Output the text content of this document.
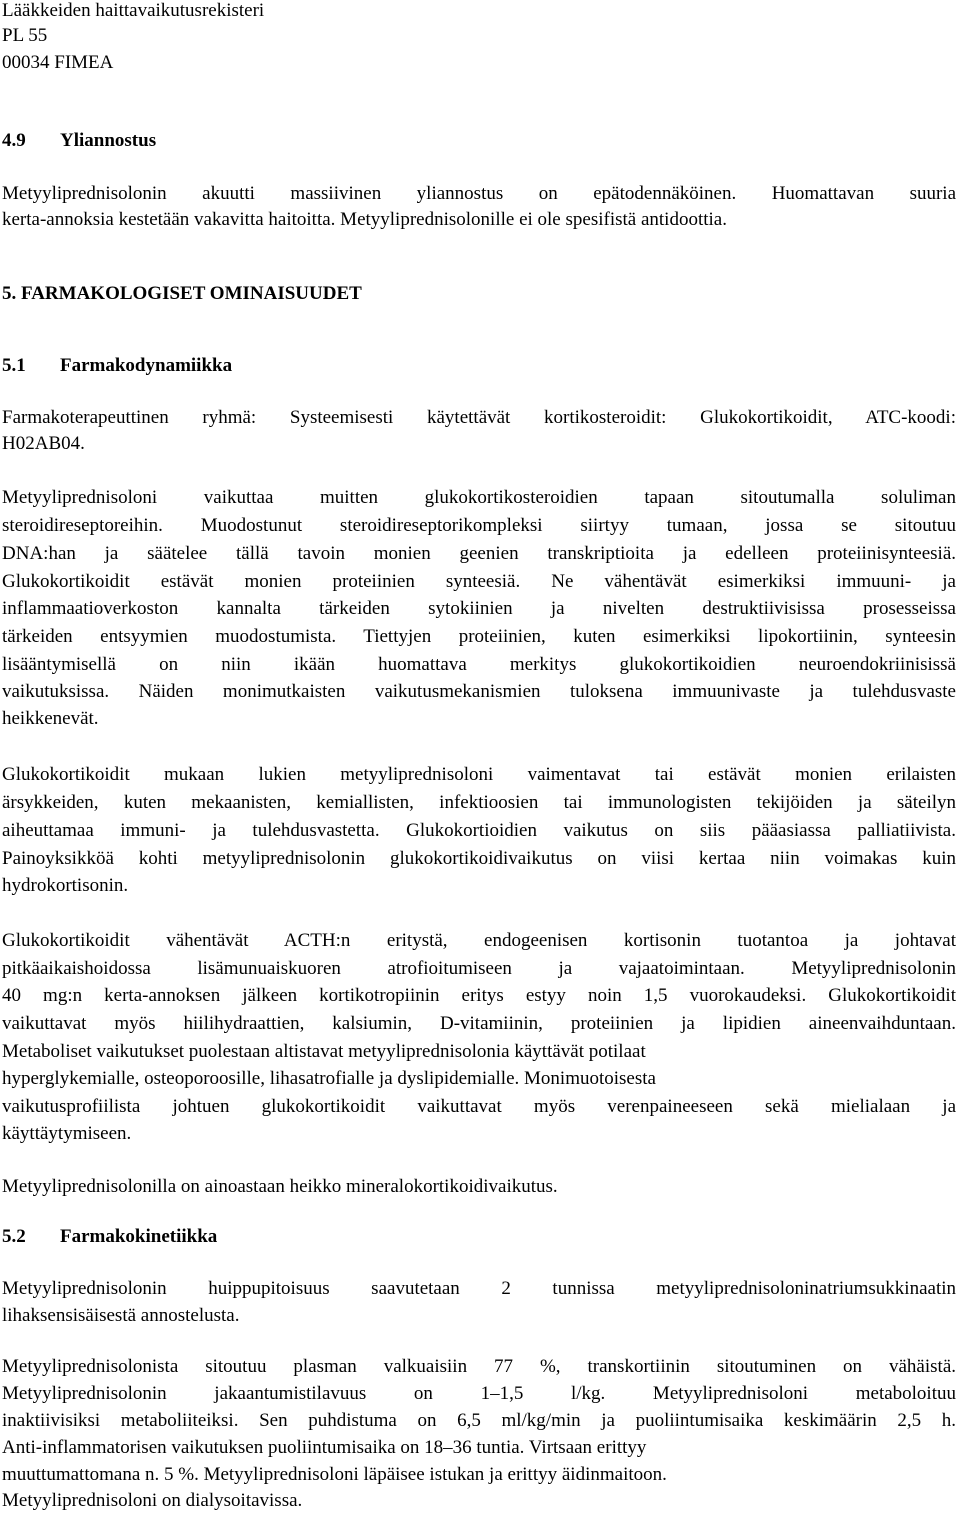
Lääkkeiden haittavaikutusrekisteri
PL 55
00034 FIMEA
4.9 Yliannostus
Metyyliprednisolonin akuutti massiivinen yliannostus on epätodennäköinen. Huomattavan suuria
kerta-annoksia kestetään vakavitta haitoitta. Metyyliprednisolonille ei ole spesifistä antidoottia.
5. FARMAKOLOGISET OMINAISUUDET
5.1 Farmakodynamiikka
Farmakoterapeuttinen ryhmä: Systeemisesti käytettävät kortikosteroidit: Glukokortikoidit, ATC-koodi:
H02AB04.
Metyyliprednisoloni vaikuttaa muitten glukokortikosteroidien tapaan sitoutumalla soluliman
steroidireseptoreihin. Muodostunut steroidireseptorikompleksi siirtyy tumaan, jossa se sitoutuu
DNA:han ja säätelee tällä tavoin monien geenien transkriptioita ja edelleen proteiinisynteesiä.
Glukokortikoidit estävät monien proteiinien synteesiä. Ne vähentävät esimerkiksi immuuni- ja
inflammaatioverkoston kannalta tärkeiden sytokiinien ja nivelten destruktiivisissa prosesseissa
tärkeiden entsyymien muodostumista. Tiettyjen proteiinien, kuten esimerkiksi lipokortiinin, synteesin
lisääntymisellä on niin ikään huomattava merkitys glukokortikoidien neuroendokriinisissä
vaikutuksissa. Näiden monimutkaisten vaikutusmekanismien tuloksena immuunivaste ja tulehdusvaste
heikkenevät.
Glukokortikoidit mukaan lukien metyyliprednisoloni vaimentavat tai estävät monien erilaisten
ärsykkeiden, kuten mekaanisten, kemiallisten, infektioosien tai immunologisten tekijöiden ja säteilyn
aiheuttamaa immuni- ja tulehdusvastetta. Glukokortioidien vaikutus on siis pääasiassa palliatiivista.
Painoyksikköä kohti metyyliprednisolonin glukokortikoidivaikutus on viisi kertaa niin voimakas kuin
hydrokortisonin.
Glukokortikoidit vähentävät ACTH:n eritystä, endogeenisen kortisonin tuotantoa ja johtavat
pitkäaikaishoidossa lisämunuaiskuoren atrofioitumiseen ja vajaatoimintaan. Metyyliprednisolonin
40 mg:n kerta-annoksen jälkeen kortikotropiinin eritys estyy noin 1,5 vuorokaudeksi. Glukokortikoidit
vaikuttavat myös hiilihydraattien, kalsiumin, D-vitamiinin, proteiinien ja lipidien aineenvaihduntaan.
Metaboliset vaikutukset puolestaan altistavat metyyliprednisolonia käyttävät potilaat
hyperglykemialle, osteoporoosille, lihasatrofialle ja dyslipidemialle. Monimuotoisesta
vaikutusprofiilista johtuen glukokortikoidit vaikuttavat myös verenpaineeseen sekä mielialaan ja
käyttäytymiseen.
Metyyliprednisolonilla on ainoastaan heikko mineralokortikoidivaikutus.
5.2 Farmakokinetiikka
Metyyliprednisolonin huippupitoisuus saavutetaan 2 tunnissa metyyliprednisoloninatriumsukkinaatin
lihaksensisäisestä annostelusta.
Metyyliprednisolonista sitoutuu plasman valkuaisiin 77 %, transkortiinin sitoutuminen on vähäistä.
Metyyliprednisolonin jakaantumistilavuus on 1–1,5 l/kg. Metyyliprednisoloni metaboloituu
inaktiivisiksi metaboliiteiksi. Sen puhdistuma on 6,5 ml/kg/min ja puoliintumisaika keskimäärin 2,5 h.
Anti-inflammatorisen vaikutuksen puoliintumisaika on 18–36 tuntia. Virtsaan erittyy
muuttumattomana n. 5 %. Metyyliprednisoloni läpäisee istukan ja erittyy äidinmaitoon.
Metyyliprednisoloni on dialysoitavissa.
